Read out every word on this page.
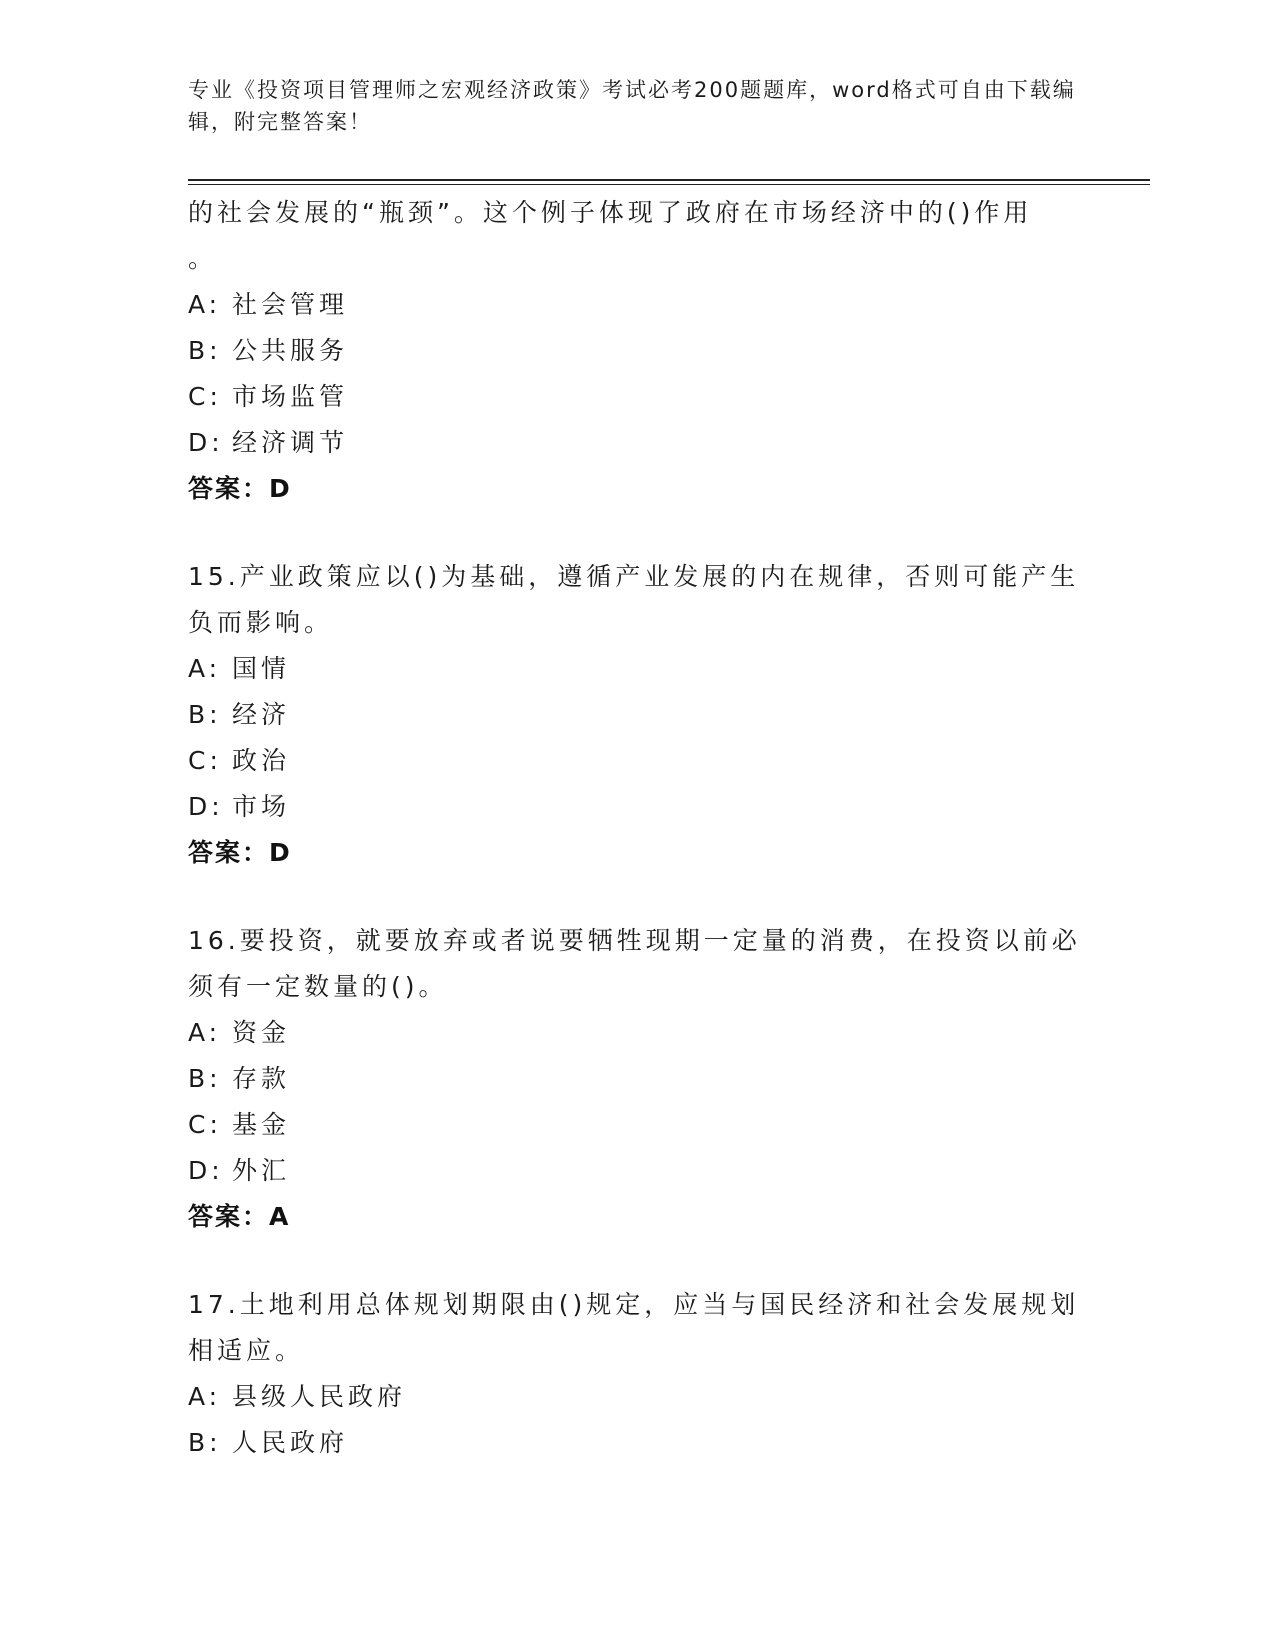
专业《投资项目管理师之宏观经济政策》考试必考200题题库，word格式可自由下载编辑，附完整答案！
的社会发展的“瓶颈”。这个例子体现了政府在市场经济中的()作用
。
A: 社会管理
B: 公共服务
C: 市场监管
D: 经济调节
答案：D
15.产业政策应以()为基础，遵循产业发展的内在规律，否则可能产生负而影响。
A: 国情
B: 经济
C: 政治
D: 市场
答案：D
16.要投资，就要放弃或者说要牺牲现期一定量的消费，在投资以前必须有一定数量的()。
A: 资金
B: 存款
C: 基金
D: 外汇
答案：A
17.土地利用总体规划期限由()规定，应当与国民经济和社会发展规划相适应。
A: 县级人民政府
B: 人民政府
